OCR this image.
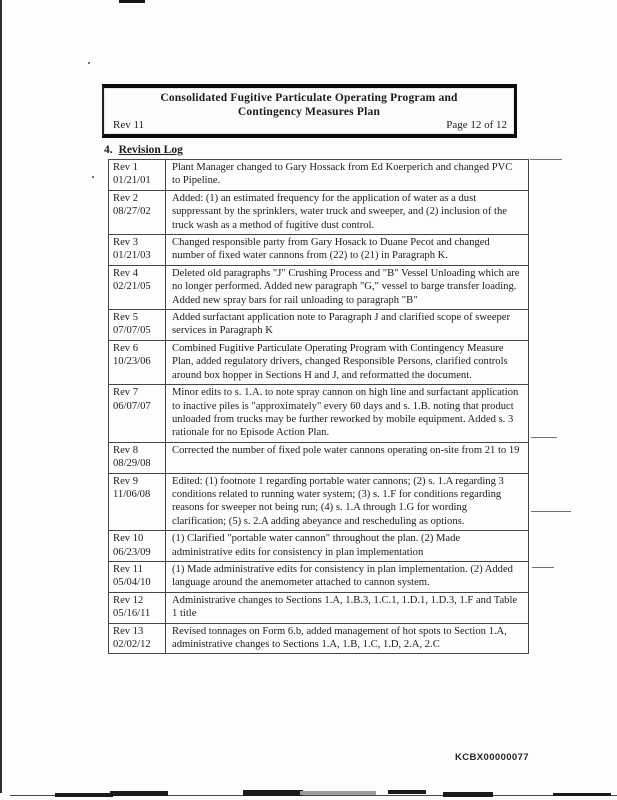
Consolidated Fugitive Particulate Operating Program and
Contingency Measures Plan
Rev 11	Page 12 of 12
4. Revision Log
Rev 1
01/21/01	Plant Manager changed to Gary Hossack from Ed Koerperich and changed PVC to Pipeline.

Rev 2
08/27/02	Added: (1) an estimated frequency for the application of water as a dust suppressant by the sprinklers, water truck and sweeper, and (2) inclusion of the truck wash as a method of fugitive dust control.

Rev 3
01/21/03	Changed responsible party from Gary Hosack to Duane Pecot and changed number of fixed water cannons from (22) to (21) in Paragraph K.

Rev 4
02/21/05	Deleted old paragraphs "J" Crushing Process and "B" Vessel Unloading which are no longer performed. Added new paragraph "G," vessel to barge transfer loading. Added new spray bars for rail unloading to paragraph "B"

Rev 5
07/07/05	Added surfactant application note to Paragraph J and clarified scope of sweeper services in Paragraph K

Rev 6
10/23/06	Combined Fugitive Particulate Operating Program with Contingency Measure Plan, added regulatory drivers, changed Responsible Persons, clarified controls around box hopper in Sections H and J, and reformatted the document.

Rev 7
06/07/07	Minor edits to s. 1.A. to note spray cannon on high line and surfactant application to inactive piles is "approximately" every 60 days and s. 1.B. noting that product unloaded from trucks may be further reworked by mobile equipment. Added s. 3 rationale for no Episode Action Plan.

Rev 8
08/29/08	Corrected the number of fixed pole water cannons operating on-site from 21 to 19

Rev 9
11/06/08	Edited: (1) footnote 1 regarding portable water cannons; (2) s. 1.A regarding 3 conditions related to running water system; (3) s. 1.F for conditions regarding reasons for sweeper not being run; (4) s. 1.A through 1.G for wording clarification; (5) s. 2.A adding abeyance and rescheduling as options.

Rev 10
06/23/09	(1) Clarified "portable water cannon" throughout the plan. (2) Made administrative edits for consistency in plan implementation

Rev 11
05/04/10	(1) Made administrative edits for consistency in plan implementation. (2) Added language around the anemometer attached to cannon system.

Rev 12
05/16/11	Administrative changes to Sections 1.A, 1.B.3, 1.C.1, 1.D.1, 1.D.3, 1.F and Table 1 title

Rev 13
02/02/12	Revised tonnages on Form 6.b, added management of hot spots to Section 1.A, administrative changes to Sections 1.A, 1.B, 1.C, 1.D, 2.A, 2.C
KCBX00000077
